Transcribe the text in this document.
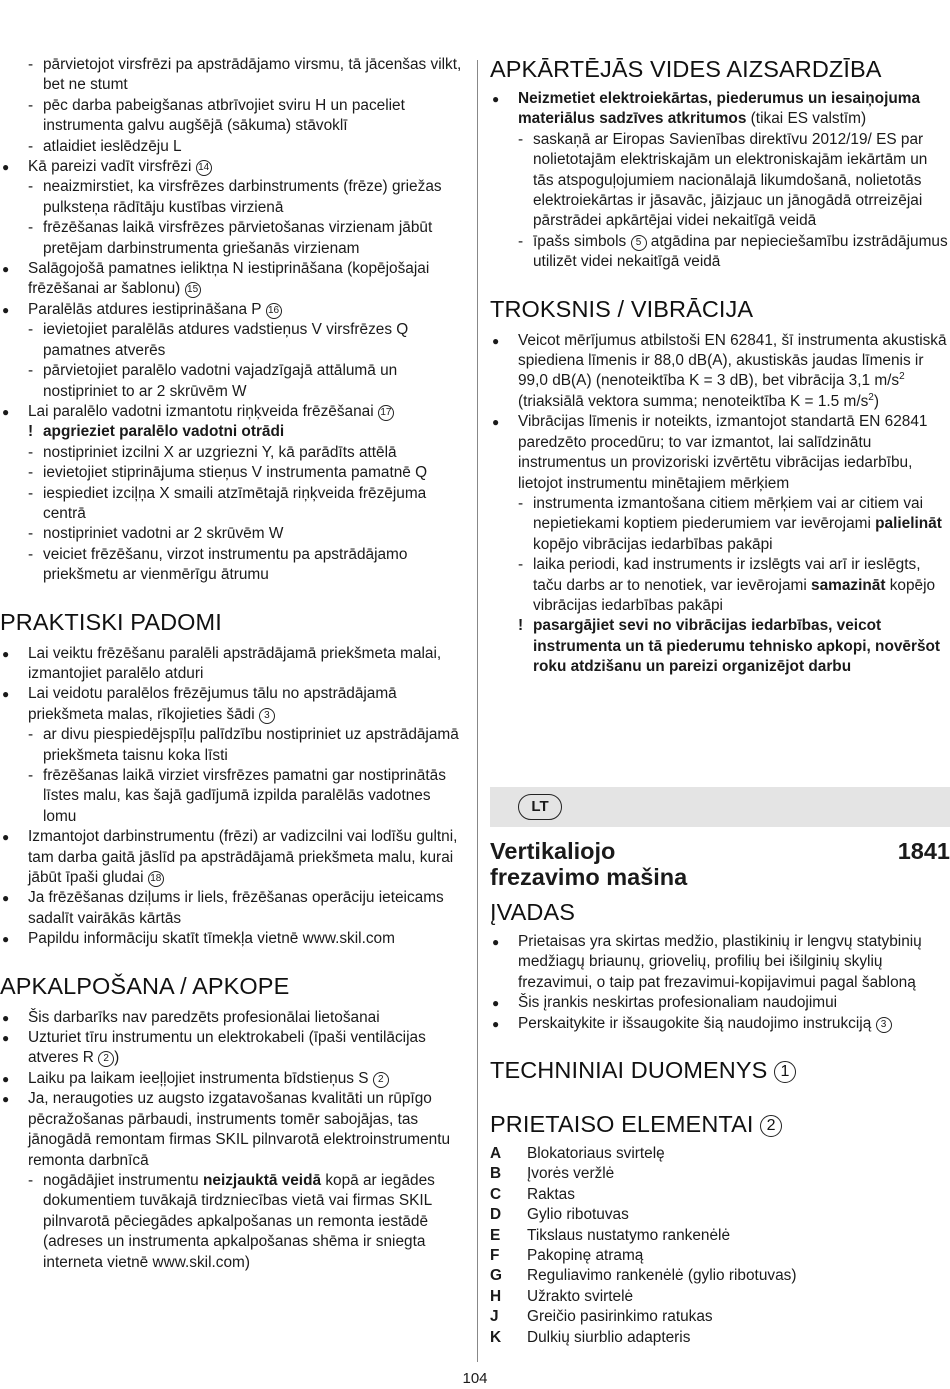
- pārvietojot virsfrēzi pa apstrādājamo virsmu, tā jācenšas vilkt, bet ne stumt
- pēc darba pabeigšanas atbrīvojiet sviru H un paceliet instrumenta galvu augšējā (sākuma) stāvoklī
- atlaidiet ieslēdzēju L
● Kā pareizi vadīt virsfrēzi 14
- neaizmirstiet, ka virsfrēzes darbinstruments (frēze) griežas pulksteņa rādītāju kustības virzienā
- frēzēšanas laikā virsfrēzes pārvietošanas virzienam jābūt pretējam darbinstrumenta griešanās virzienam
● Salāgojošā pamatnes ieliktņa N iestiprināšana (kopējošajai frēzēšanai ar šablonu) 15
● Paralēlās atdures iestiprināšana P 16
- ievietojiet paralēlās atdures vadstieņus V virsfrēzes Q pamatnes atverēs
- pārvietojiet paralēlo vadotni vajadzīgajā attālumā un nostipriniet to ar 2 skrūvēm W
● Lai paralēlo vadotni izmantotu riņķveida frēzēšanai 17
! apgrieziet paralēlo vadotni otrādi
- nostipriniet izcilni X ar uzgriezni Y, kā parādīts attēlā
- ievietojiet stiprinājuma stieņus V instrumenta pamatnē Q
- iespiediet izciļņa X smaili atzīmētajā riņķveida frēzējuma centrā
- nostipriniet vadotni ar 2 skrūvēm W
- veiciet frēzēšanu, virzot instrumentu pa apstrādājamo priekšmetu ar vienmērīgu ātrumu
PRAKTISKI PADOMI
● Lai veiktu frēzēšanu paralēli apstrādājamā priekšmeta malai, izmantojiet paralēlo atduri
● Lai veidotu paralēlos frēzējumus tālu no apstrādājamā priekšmeta malas, rīkojieties šādi 3
- ar divu piespiedējspīļu palīdzību nostipriniet uz apstrādājamā priekšmeta taisnu koka līsti
- frēzēšanas laikā virziet virsfrēzes pamatni gar nostiprinātās līstes malu, kas šajā gadījumā izpilda paralēlās vadotnes lomu
● Izmantojot darbinstrumentu (frēzi) ar vadizcilni vai lodīšu gultni, tam darba gaitā jāslīd pa apstrādājamā priekšmeta malu, kurai jābūt īpaši gludai 18
● Ja frēzēšanas dziļums ir liels, frēzēšanas operāciju ieteicams sadalīt vairākās kārtās
● Papildu informāciju skatīt tīmekļa vietnē www.skil.com
APKALPOŠANA / APKOPE
● Šis darbarīks nav paredzēts profesionālai lietošanai
● Uzturiet tīru instrumentu un elektrokabeli (īpaši ventilācijas atveres R 2 )
● Laiku pa laikam ieeļļojiet instrumenta bīdstieņus S 2
● Ja, neraugoties uz augsto izgatavošanas kvalitāti un rūpīgo pēcražošanas pārbaudi, instruments tomēr sabojājas, tas jānogādā remontam firmas SKIL pilnvarotā elektroinstrumentu remonta darbnīcā
- nogādājiet instrumentu neizjauktā veidā kopā ar iegādes dokumentiem tuvākajā tirdzniecības vietā vai firmas SKIL pilnvarotā pēciegādes apkalpošanas un remonta iestādē (adreses un instrumenta apkalpošanas shēma ir sniegta interneta vietnē www.skil.com)
APKĀRTĒJĀS VIDES AIZSARDZĪBA
● Neizmetiet elektroiekārtas, piederumus un iesaiņojuma materiālus sadzīves atkritumos (tikai ES valstīm)
- saskaņā ar Eiropas Savienības direktīvu 2012/19/ ES par nolietotajām elektriskajām un elektroniskajām iekārtām un tās atspoguļojumiem nacionālajā likumdošanā, nolietotās elektroiekārtas ir jāsavāc, jāizjauc un jānogādā otrreizējai pārstrādei apkārtējai videi nekaitīgā veidā
- īpašs simbols 5 atgādina par nepieciešamību izstrādājumus utilizēt videi nekaitīgā veidā
TROKSNIS / VIBRĀCIJA
● Veicot mērījumus atbilstoši EN 62841, šī instrumenta akustiskā spiediena līmenis ir 88,0 dB(A), akustiskās jaudas līmenis ir 99,0 dB(A) (nenoteiktība K = 3 dB), bet vibrācija 3,1 $m/s^2$ (triaksiālā vektora summa; nenoteiktība K = 1.5 $m/s^2$)
● Vibrācijas līmenis ir noteikts, izmantojot standartā EN 62841 paredzēto procedūru; to var izmantot, lai salīdzinātu instrumentus un provizoriski izvērtētu vibrācijas iedarbību, lietojot instrumentu minētajiem mērķiem
- instrumenta izmantošana citiem mērķiem vai ar citiem vai nepietiekami koptiem piederumiem var ievērojami palielināt kopējo vibrācijas iedarbības pakāpi
- laika periodi, kad instruments ir izslēgts vai arī ir ieslēgts, taču darbs ar to nenotiek, var ievērojami samazināt kopējo vibrācijas iedarbības pakāpi
! pasargājiet sevi no vibrācijas iedarbības, veicot instrumenta un tā piederumu tehnisko apkopi, novēršot roku atdzišanu un pareizi organizējot darbu
LT
Vertikaliojo
frezavimo mašina
1841
ĮVADAS
● Prietaisas yra skirtas medžio, plastikinių ir lengvų statybinių medžiagų briaunų, griovelių, profilių bei išilginių skylių frezavimui, o taip pat frezavimui-kopijavimui pagal šabloną
● Šis įrankis neskirtas profesionaliam naudojimui
● Perskaitykite ir išsaugokite šią naudojimo instrukciją 3
TECHNINIAI DUOMENYS 1
PRIETAISO ELEMENTAI 2
A	Blokatoriaus svirtelę
B	Įvorės veržlė
C	Raktas
D	Gylio ribotuvas
E	Tikslaus nustatymo rankenėlė
F	Pakopinę atramą
G	Reguliavimo rankenėlė (gylio ribotuvas)
H	Užrakto svirtelė
J	Greičio pasirinkimo ratukas
K	Dulkių siurblio adapteris
104
